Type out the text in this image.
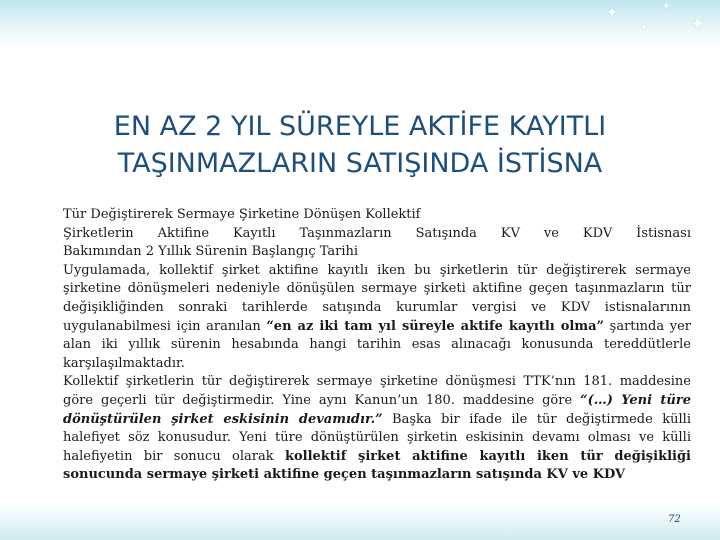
✦	✦
✦
✦
EN AZ 2 YIL SÜREYLE AKTİFE KAYITLI
TAŞINMAZLARIN SATIŞINDA İSTİSNA

Tür Değiştirerek Sermaye Şirketine Dönüşen Kollektif
Şirketlerin Aktifine Kayıtlı Taşınmazların Satışında KV ve KDV İstisnası
Bakımından 2 Yıllık Sürenin Başlangıç Tarihi

Uygulamada, kollektif şirket aktifine kayıtlı iken bu şirketlerin tür değiştirerek sermaye şirketine dönüşmeleri nedeniyle dönüşülen sermaye şirketi aktifine geçen taşınmazların tür değişikliğinden sonraki tarihlerde satışında kurumlar vergisi ve KDV istisnalarının uygulanabilmesi için aranılan “en az iki tam yıl süreyle aktife kayıtlı olma” şartında yer alan iki yıllık sürenin hesabında hangi tarihin esas alınacağı konusunda tereddütlerle karşılaşılmaktadır.

Kollektif şirketlerin tür değiştirerek sermaye şirketine dönüşmesi TTK’nın 181. maddesine göre geçerli tür değiştirmedir. Yine aynı Kanun’un 180. maddesine göre “(…) Yeni türe dönüştürülen şirket eskisinin devamıdır.” Başka bir ifade ile tür değiştirmede külli halefiyet söz konusudur. Yeni türe dönüştürülen şirketin eskisinin devamı olması ve külli halefiyetin bir sonucu olarak kollektif şirket aktifine kayıtlı iken tür değişikliği sonucunda sermaye şirketi aktifine geçen taşınmazların satışında KV ve KDV

72
